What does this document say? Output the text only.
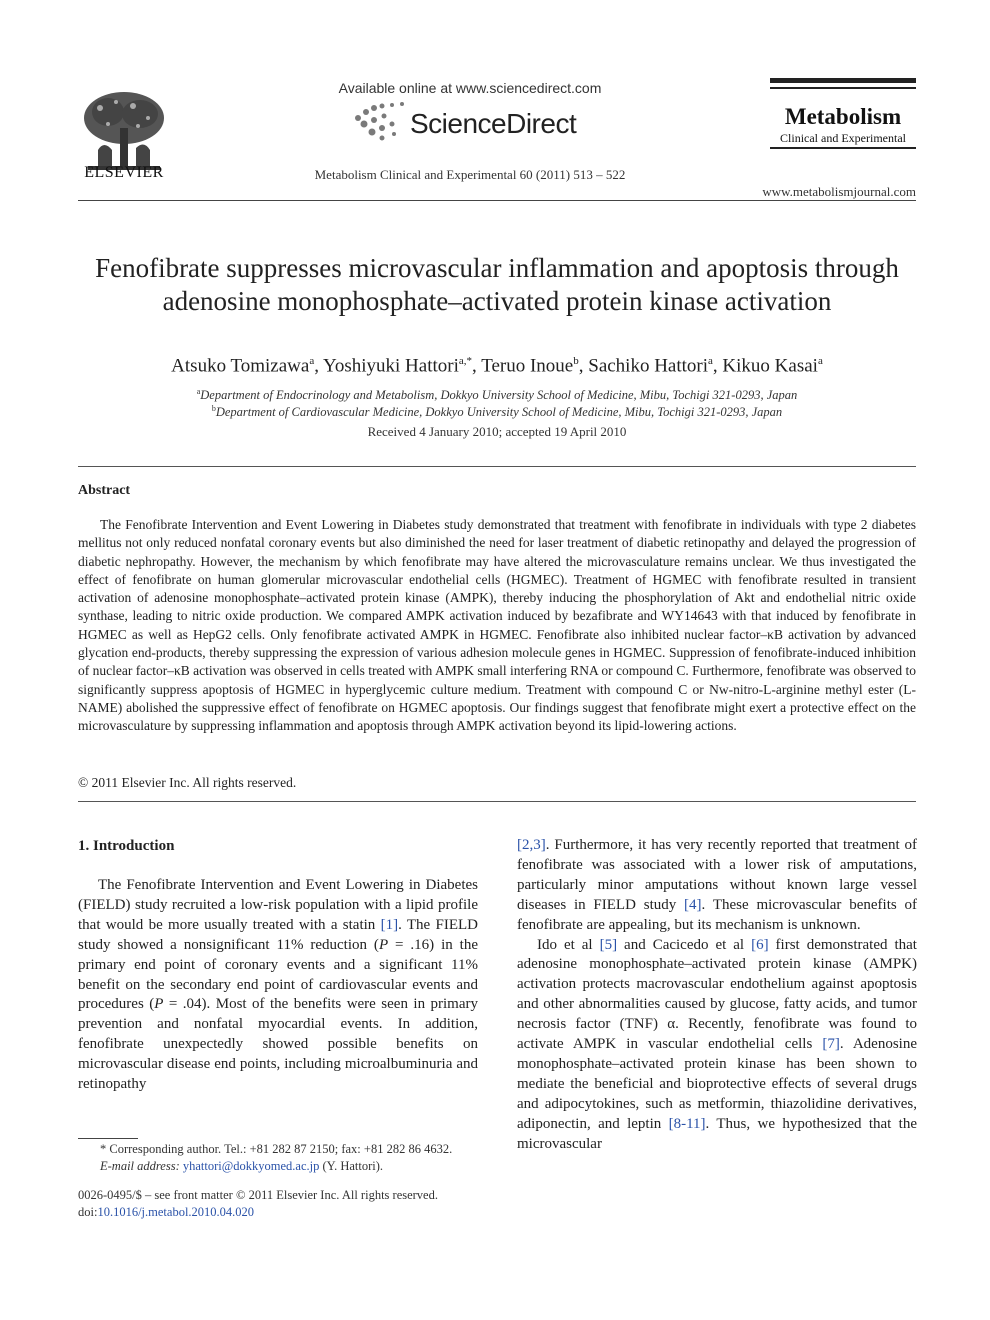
ELSEVIER
Available online at www.sciencedirect.com
ScienceDirect
Metabolism Clinical and Experimental 60 (2011) 513 – 522
Metabolism
Clinical and Experimental
www.metabolismjournal.com
Fenofibrate suppresses microvascular inflammation and apoptosis through adenosine monophosphate–activated protein kinase activation
Atsuko Tomizawa$^a$, Yoshiyuki Hattori$^{a,*}$, Teruo Inoue$^b$, Sachiko Hattori$^a$, Kikuo Kasai$^a$
$^a$Department of Endocrinology and Metabolism, Dokkyo University School of Medicine, Mibu, Tochigi 321-0293, Japan
$^b$Department of Cardiovascular Medicine, Dokkyo University School of Medicine, Mibu, Tochigi 321-0293, Japan
Received 4 January 2010; accepted 19 April 2010
Abstract

The Fenofibrate Intervention and Event Lowering in Diabetes study demonstrated that treatment with fenofibrate in individuals with type 2 diabetes mellitus not only reduced nonfatal coronary events but also diminished the need for laser treatment of diabetic retinopathy and delayed the progression of diabetic nephropathy. However, the mechanism by which fenofibrate may have altered the microvasculature remains unclear. We thus investigated the effect of fenofibrate on human glomerular microvascular endothelial cells (HGMEC). Treatment of HGMEC with fenofibrate resulted in transient activation of adenosine monophosphate–activated protein kinase (AMPK), thereby inducing the phosphorylation of Akt and endothelial nitric oxide synthase, leading to nitric oxide production. We compared AMPK activation induced by bezafibrate and WY14643 with that induced by fenofibrate in HGMEC as well as HepG2 cells. Only fenofibrate activated AMPK in HGMEC. Fenofibrate also inhibited nuclear factor–κB activation by advanced glycation end-products, thereby suppressing the expression of various adhesion molecule genes in HGMEC. Suppression of fenofibrate-induced inhibition of nuclear factor–κB activation was observed in cells treated with AMPK small interfering RNA or compound C. Furthermore, fenofibrate was observed to significantly suppress apoptosis of HGMEC in hyperglycemic culture medium. Treatment with compound C or Nw-nitro-L-arginine methyl ester (L-NAME) abolished the suppressive effect of fenofibrate on HGMEC apoptosis. Our findings suggest that fenofibrate might exert a protective effect on the microvasculature by suppressing inflammation and apoptosis through AMPK activation beyond its lipid-lowering actions.

© 2011 Elsevier Inc. All rights reserved.
1. Introduction

The Fenofibrate Intervention and Event Lowering in Diabetes (FIELD) study recruited a low-risk population with a lipid profile that would be more usually treated with a statin [1]. The FIELD study showed a nonsignificant 11% reduction (P = .16) in the primary end point of coronary events and a significant 11% benefit on the secondary end point of cardiovascular events and procedures (P = .04). Most of the benefits were seen in primary prevention and nonfatal myocardial events. In addition, fenofibrate unexpectedly showed possible benefits on microvascular disease end points, including microalbuminuria and retinopathy

[2,3]. Furthermore, it has very recently reported that treatment of fenofibrate was associated with a lower risk of amputations, particularly minor amputations without known large vessel diseases in FIELD study [4]. These microvascular benefits of fenofibrate are appealing, but its mechanism is unknown.

Ido et al [5] and Cacicedo et al [6] first demonstrated that adenosine monophosphate–activated protein kinase (AMPK) activation protects macrovascular endothelium against apoptosis and other abnormalities caused by glucose, fatty acids, and tumor necrosis factor (TNF) α. Recently, fenofibrate was found to activate AMPK in vascular endothelial cells [7]. Adenosine monophosphate–activated protein kinase has been shown to mediate the beneficial and bioprotective effects of several drugs and adipocytokines, such as metformin, thiazolidine derivatives, adiponectin, and leptin [8-11]. Thus, we hypothesized that the microvascular

* Corresponding author. Tel.: +81 282 87 2150; fax: +81 282 86 4632.
E-mail address: yhattori@dokkyomed.ac.jp (Y. Hattori).
0026-0495/$ – see front matter © 2011 Elsevier Inc. All rights reserved.
doi:10.1016/j.metabol.2010.04.020
